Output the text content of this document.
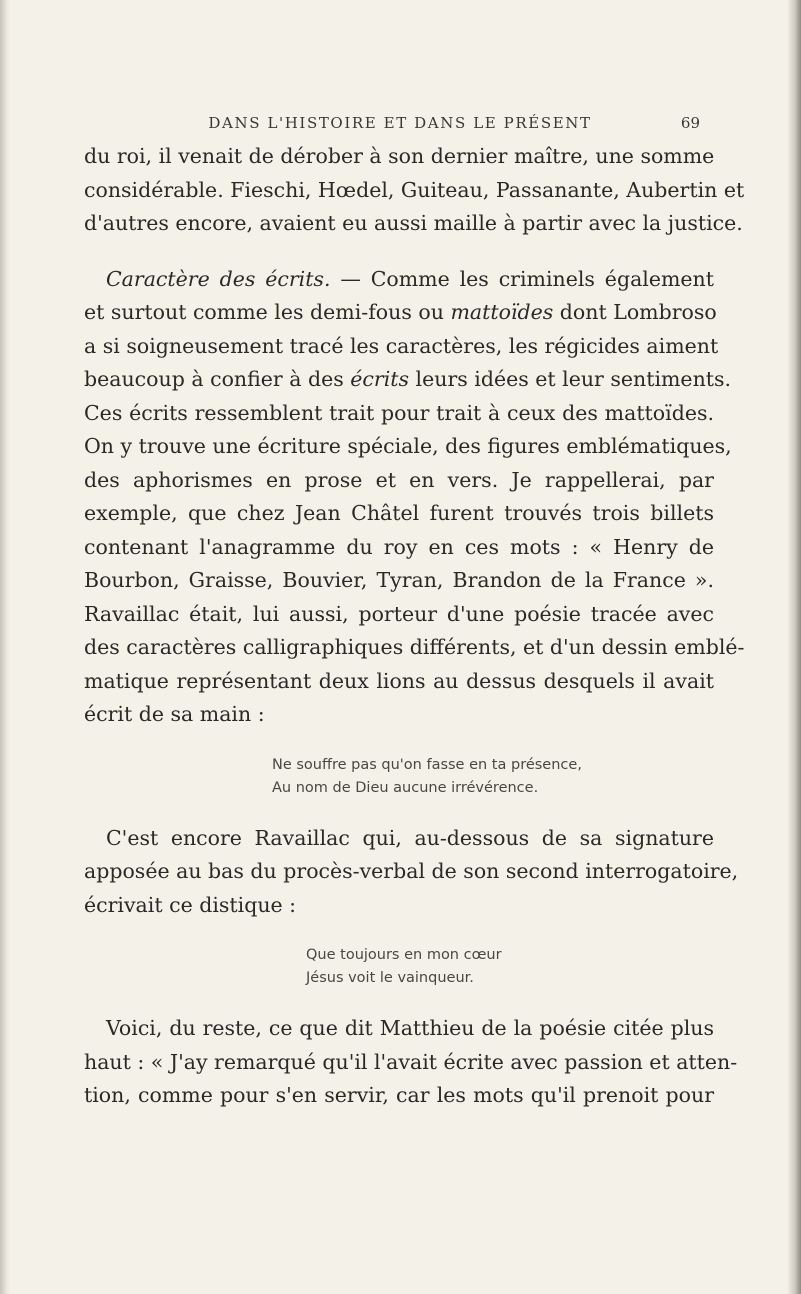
DANS L'HISTOIRE ET DANS LE PRÉSENT	69

du roi, il venait de dérober à son dernier maître, une somme
considérable. Fieschi, Hœdel, Guiteau, Passanante, Aubertin et
d'autres encore, avaient eu aussi maille à partir avec la justice.

Caractère des écrits. — Comme les criminels également
et surtout comme les demi-fous ou mattoïdes dont Lombroso
a si soigneusement tracé les caractères, les régicides aiment
beaucoup à confier à des écrits leurs idées et leur sentiments.
Ces écrits ressemblent trait pour trait à ceux des mattoïdes.
On y trouve une écriture spéciale, des figures emblématiques,
des aphorismes en prose et en vers. Je rappellerai, par
exemple, que chez Jean Châtel furent trouvés trois billets
contenant l'anagramme du roy en ces mots : « Henry de
Bourbon, Graisse, Bouvier, Tyran, Brandon de la France ».
Ravaillac était, lui aussi, porteur d'une poésie tracée avec
des caractères calligraphiques différents, et d'un dessin emblé-
matique représentant deux lions au dessus desquels il avait
écrit de sa main :

Ne souffre pas qu'on fasse en ta présence,
Au nom de Dieu aucune irrévérence.

C'est encore Ravaillac qui, au-dessous de sa signature
apposée au bas du procès-verbal de son second interrogatoire,
écrivait ce distique :

Que toujours en mon cœur
Jésus voit le vainqueur.

Voici, du reste, ce que dit Matthieu de la poésie citée plus
haut : « J'ay remarqué qu'il l'avait écrite avec passion et atten-
tion, comme pour s'en servir, car les mots qu'il prenoit pour
